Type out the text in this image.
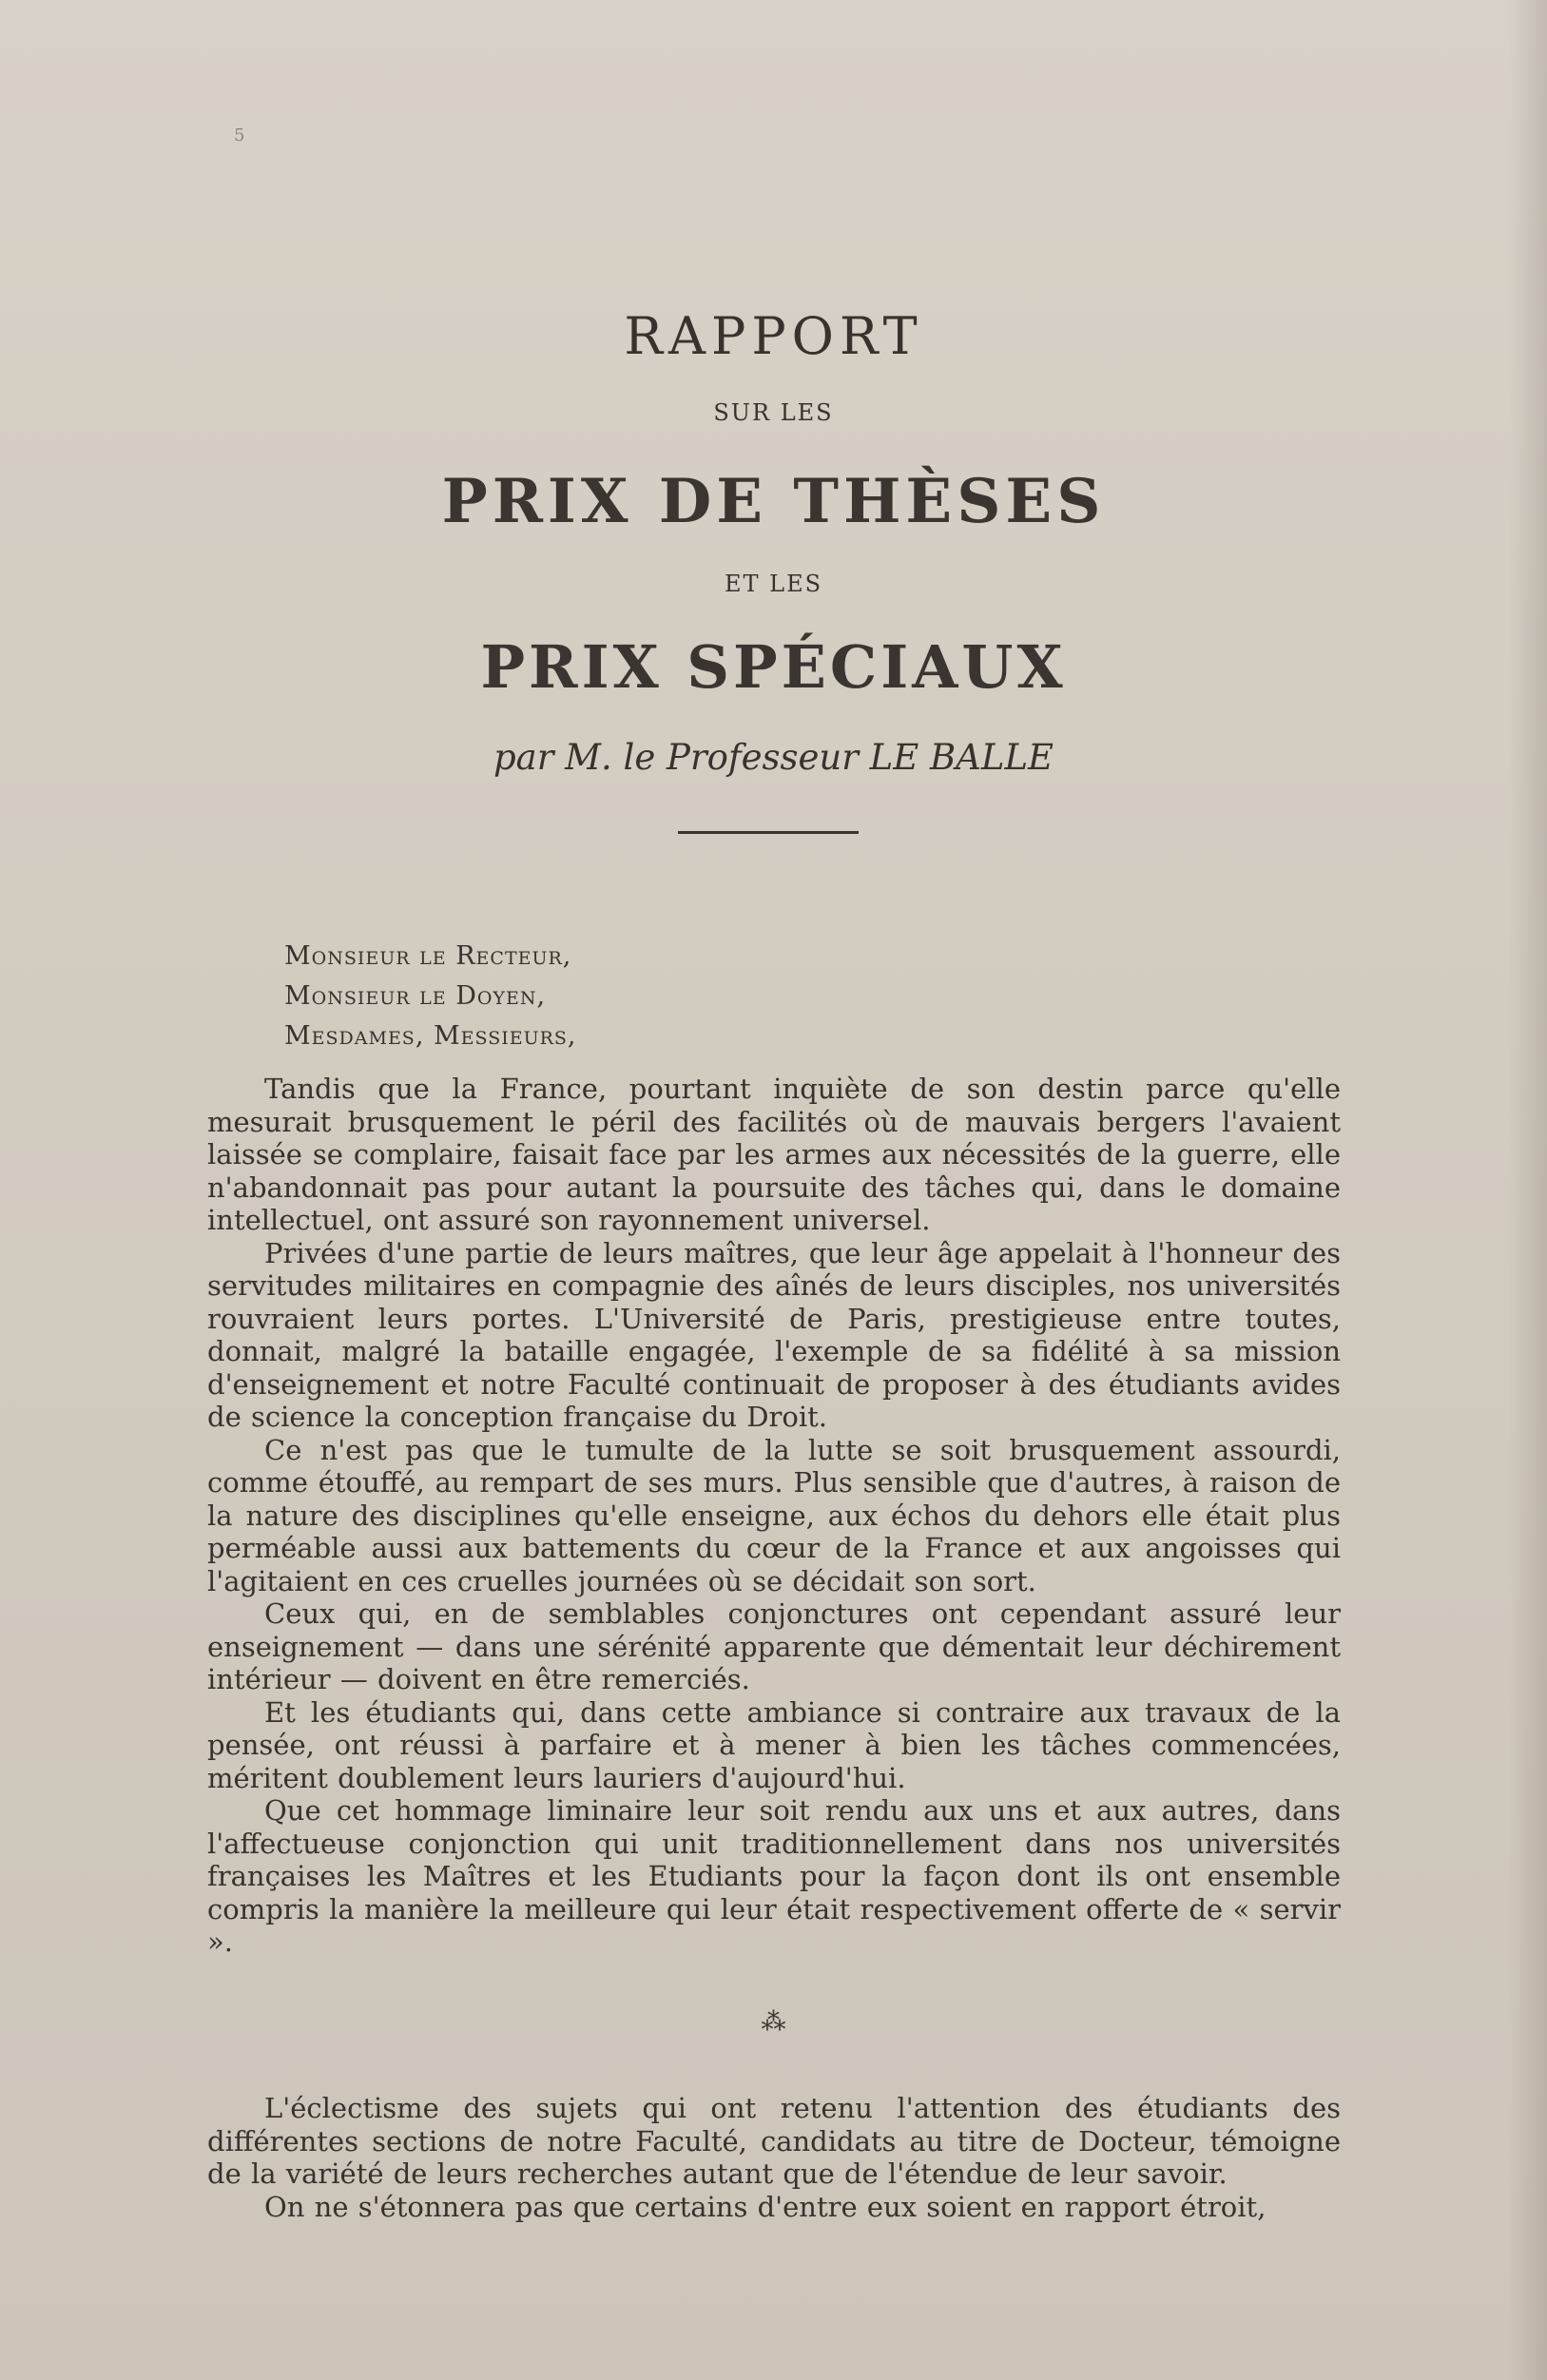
5
RAPPORT
SUR LES
PRIX DE THÈSES
ET LES
PRIX SPÉCIAUX
par M. le Professeur LE BALLE
Monsieur le Recteur,
Monsieur le Doyen,
Mesdames, Messieurs,

Tandis que la France, pourtant inquiète de son destin parce qu'elle mesurait brusquement le péril des facilités où de mauvais bergers l'avaient laissée se complaire, faisait face par les armes aux nécessités de la guerre, elle n'abandonnait pas pour autant la poursuite des tâches qui, dans le domaine intellectuel, ont assuré son rayonnement universel.

Privées d'une partie de leurs maîtres, que leur âge appelait à l'honneur des servitudes militaires en compagnie des aînés de leurs disciples, nos universités rouvraient leurs portes. L'Université de Paris, prestigieuse entre toutes, donnait, malgré la bataille engagée, l'exemple de sa fidélité à sa mission d'enseignement et notre Faculté continuait de proposer à des étudiants avides de science la conception française du Droit.

Ce n'est pas que le tumulte de la lutte se soit brusquement assourdi, comme étouffé, au rempart de ses murs. Plus sensible que d'autres, à raison de la nature des disciplines qu'elle enseigne, aux échos du dehors elle était plus perméable aussi aux battements du cœur de la France et aux angoisses qui l'agitaient en ces cruelles journées où se décidait son sort.

Ceux qui, en de semblables conjonctures ont cependant assuré leur enseignement — dans une sérénité apparente que démentait leur déchirement intérieur — doivent en être remerciés.

Et les étudiants qui, dans cette ambiance si contraire aux travaux de la pensée, ont réussi à parfaire et à mener à bien les tâches commencées, méritent doublement leurs lauriers d'aujourd'hui.

Que cet hommage liminaire leur soit rendu aux uns et aux autres, dans l'affectueuse conjonction qui unit traditionnellement dans nos universités françaises les Maîtres et les Etudiants pour la façon dont ils ont ensemble compris la manière la meilleure qui leur était respectivement offerte de « servir ».

⁂

L'éclectisme des sujets qui ont retenu l'attention des étudiants des différentes sections de notre Faculté, candidats au titre de Docteur, témoigne de la variété de leurs recherches autant que de l'étendue de leur savoir.

On ne s'étonnera pas que certains d'entre eux soient en rapport étroit,
